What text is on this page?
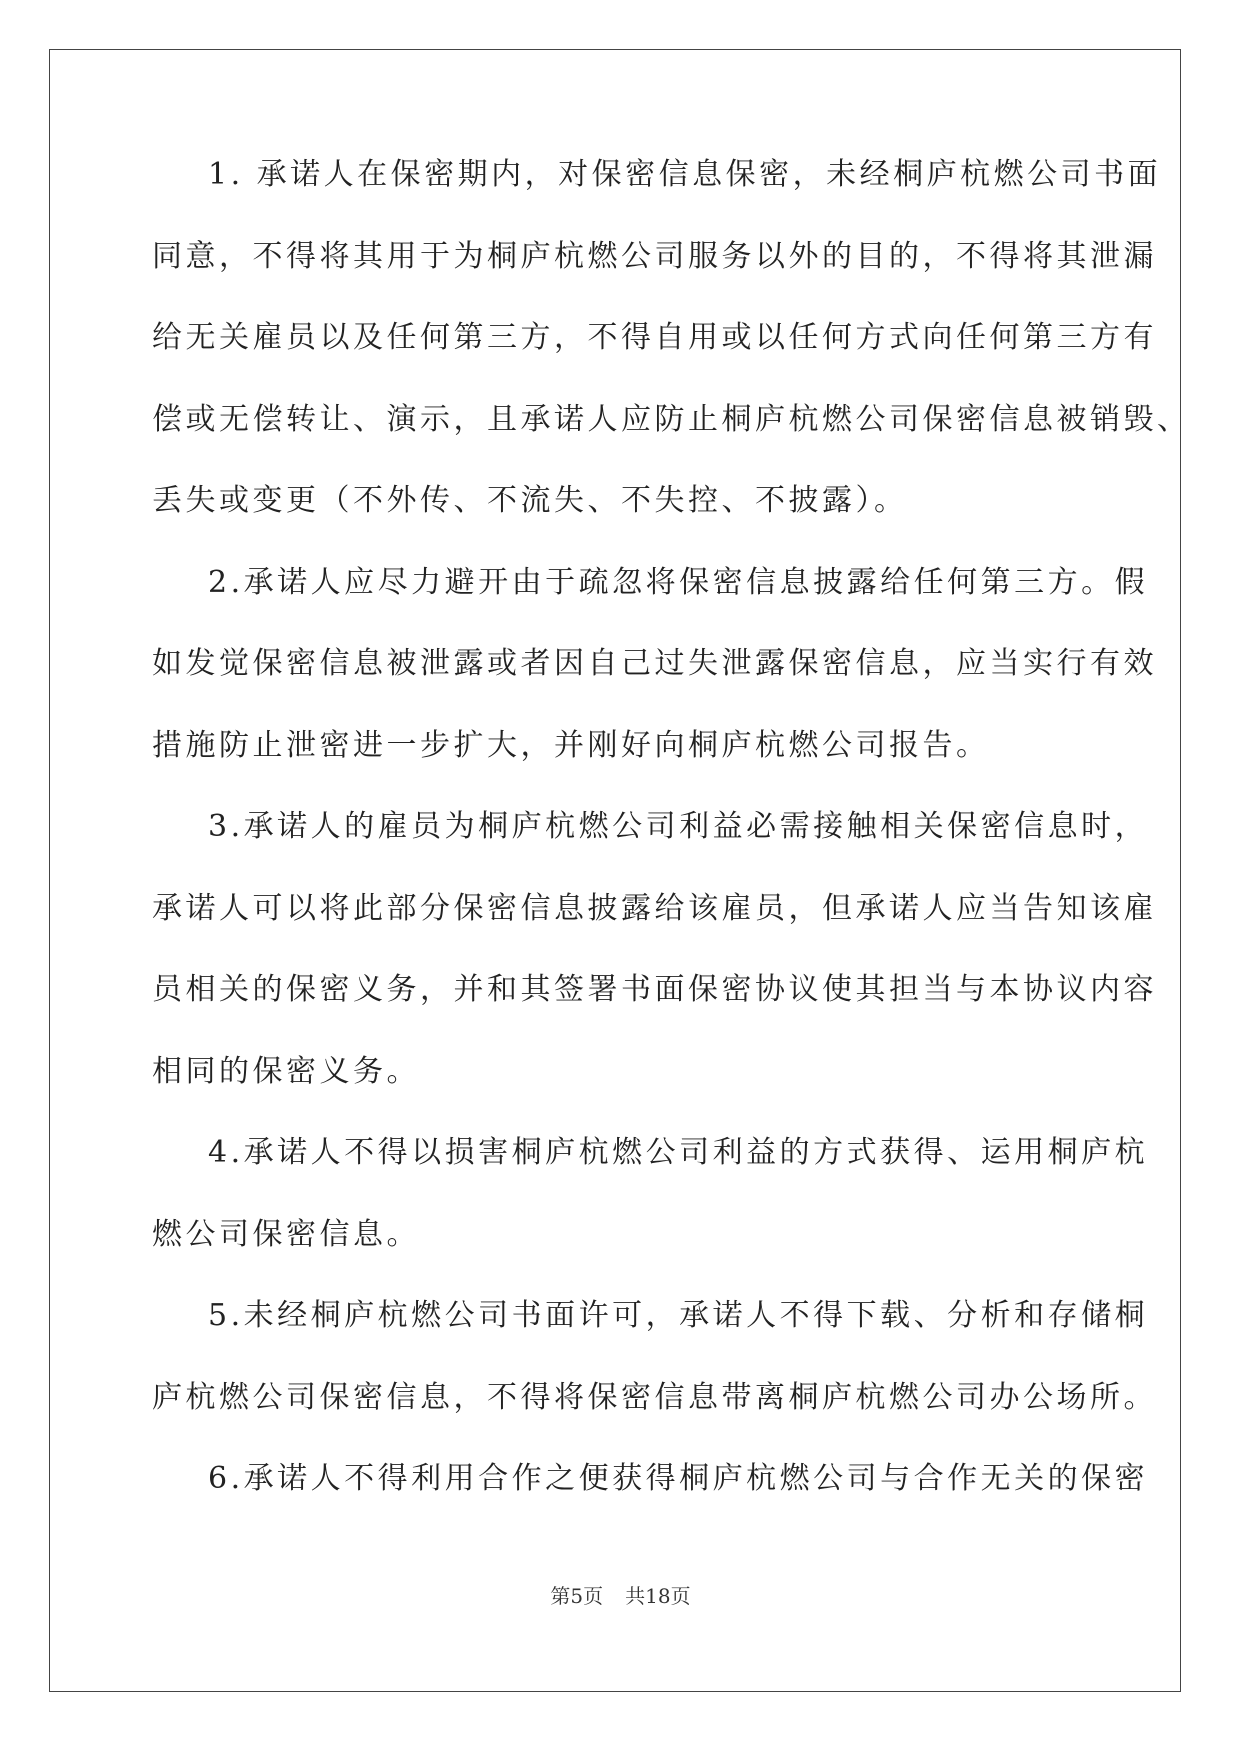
1. 承诺人在保密期内，对保密信息保密，未经桐庐杭燃公司书面
同意，不得将其用于为桐庐杭燃公司服务以外的目的，不得将其泄漏
给无关雇员以及任何第三方，不得自用或以任何方式向任何第三方有
偿或无偿转让、演示，且承诺人应防止桐庐杭燃公司保密信息被销毁、
丢失或变更（不外传、不流失、不失控、不披露）。
2.承诺人应尽力避开由于疏忽将保密信息披露给任何第三方。假
如发觉保密信息被泄露或者因自己过失泄露保密信息，应当实行有效
措施防止泄密进一步扩大，并刚好向桐庐杭燃公司报告。
3.承诺人的雇员为桐庐杭燃公司利益必需接触相关保密信息时，
承诺人可以将此部分保密信息披露给该雇员，但承诺人应当告知该雇
员相关的保密义务，并和其签署书面保密协议使其担当与本协议内容
相同的保密义务。
4.承诺人不得以损害桐庐杭燃公司利益的方式获得、运用桐庐杭
燃公司保密信息。
5.未经桐庐杭燃公司书面许可，承诺人不得下载、分析和存储桐
庐杭燃公司保密信息，不得将保密信息带离桐庐杭燃公司办公场所。
6.承诺人不得利用合作之便获得桐庐杭燃公司与合作无关的保密
第5页 共18页
